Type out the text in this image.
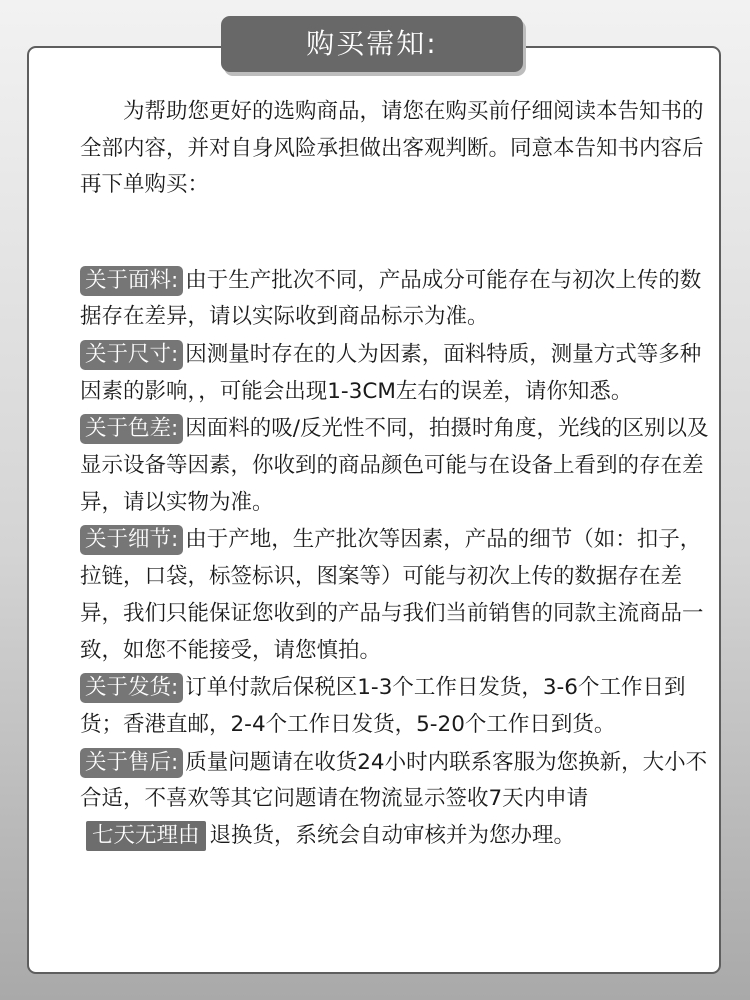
购买需知:

为帮助您更好的选购商品，请您在购买前仔细阅读本告知书的全部内容，并对自身风险承担做出客观判断。同意本告知书内容后再下单购买：

关于面料: 由于生产批次不同，产品成分可能存在与初次上传的数据存在差异，请以实际收到商品标示为准。
关于尺寸: 因测量时存在的人为因素，面料特质，测量方式等多种因素的影响，，可能会出现1-3CM左右的误差，请你知悉。
关于色差: 因面料的吸/反光性不同，拍摄时角度，光线的区别以及显示设备等因素，你收到的商品颜色可能与在设备上看到的存在差异，请以实物为准。
关于细节: 由于产地，生产批次等因素，产品的细节（如：扣子，拉链，口袋，标签标识，图案等）可能与初次上传的数据存在差异，我们只能保证您收到的产品与我们当前销售的同款主流商品一致，如您不能接受，请您慎拍。
关于发货: 订单付款后保税区1-3个工作日发货，3-6个工作日到货；香港直邮，2-4个工作日发货，5-20个工作日到货。
关于售后: 质量问题请在收货24小时内联系客服为您换新，大小不合适，不喜欢等其它问题请在物流显示签收7天内申请七天无理由 退换货，系统会自动审核并为您办理。
